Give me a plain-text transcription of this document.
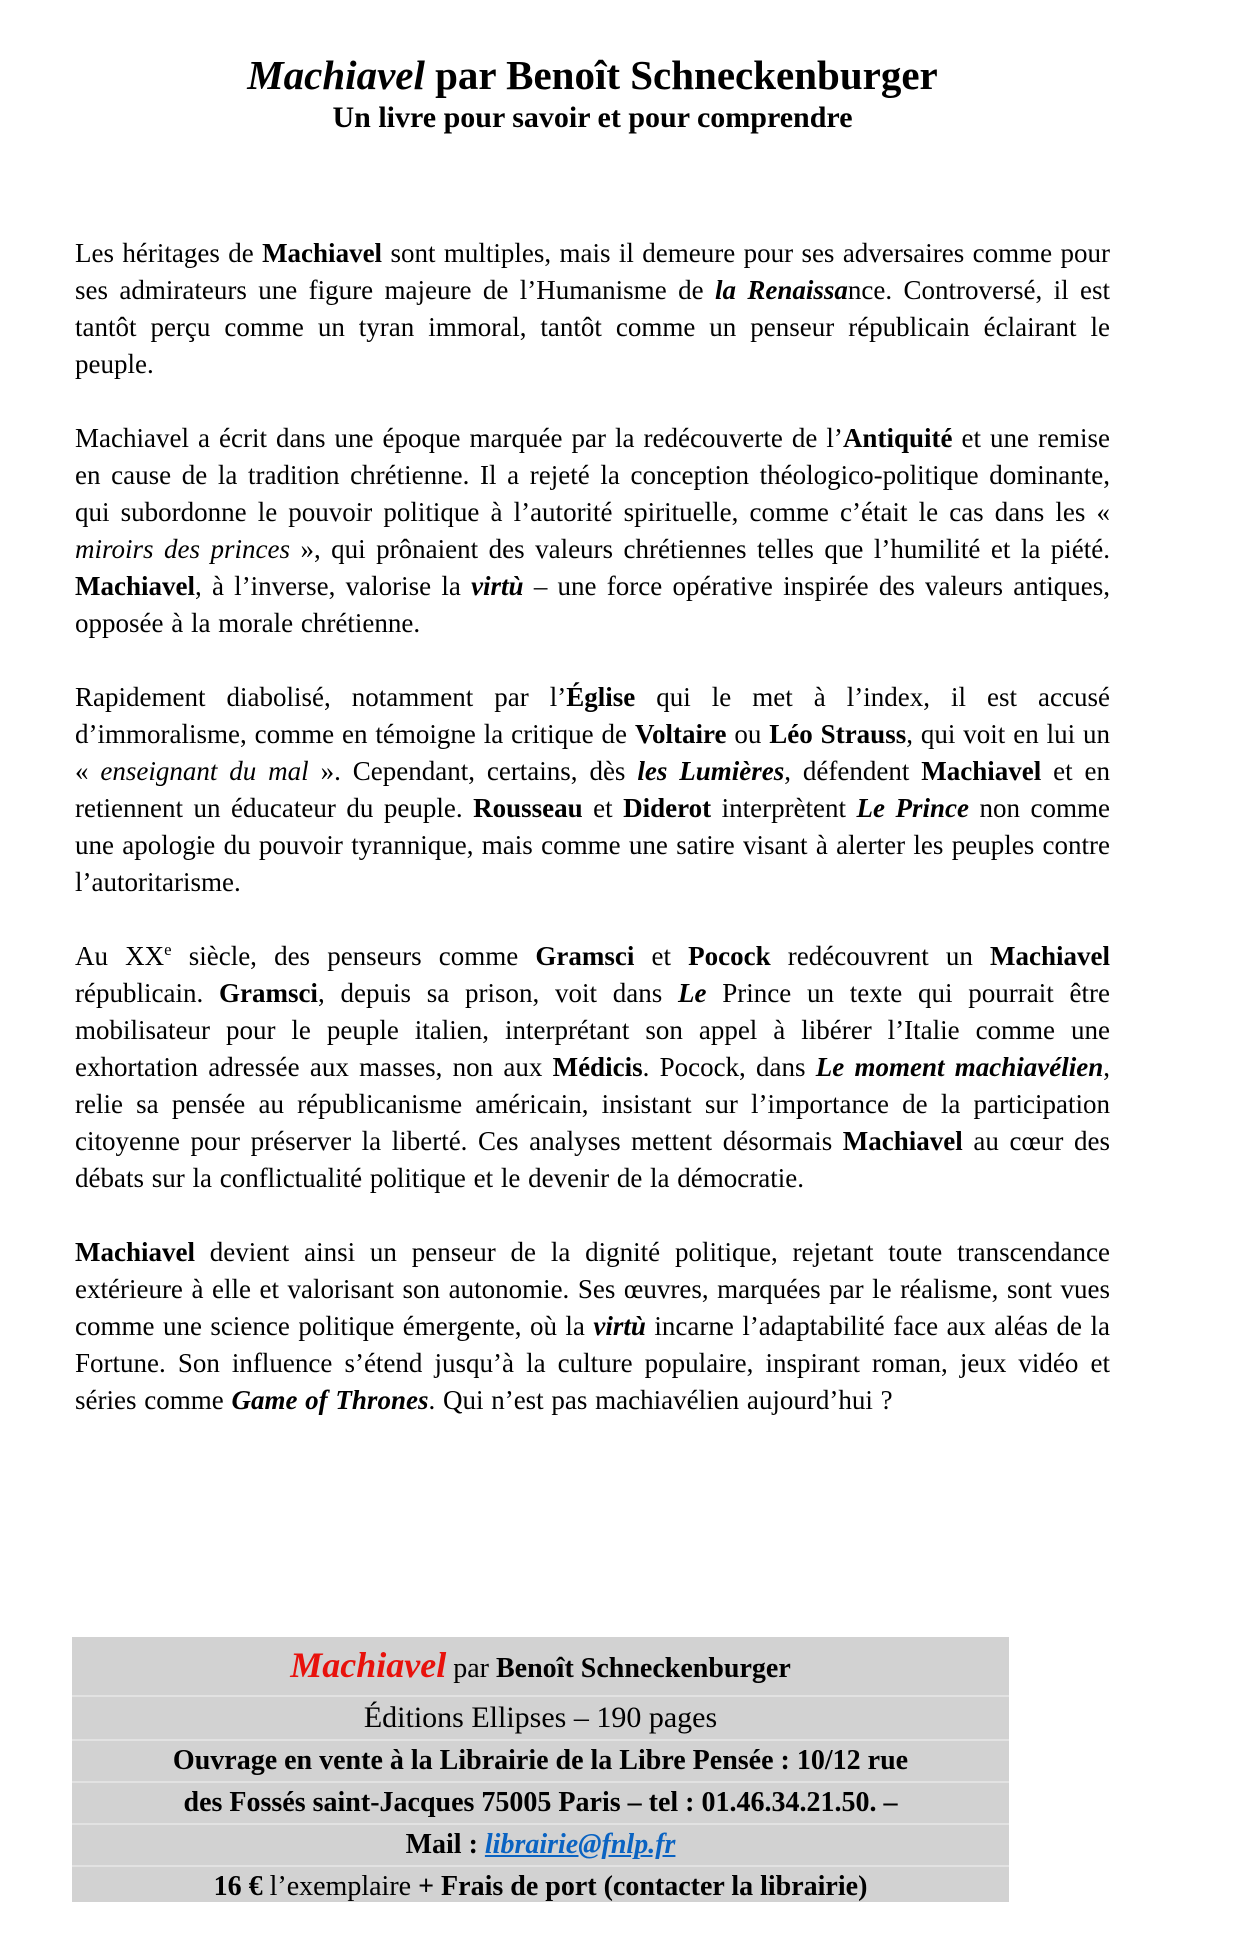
Machiavel par Benoît Schneckenburger
Un livre pour savoir et pour comprendre

Les héritages de Machiavel sont multiples, mais il demeure pour ses adversaires comme pour ses admirateurs une figure majeure de l’Humanisme de la Renaissance. Controversé, il est tantôt perçu comme un tyran immoral, tantôt comme un penseur républicain éclairant le peuple.

Machiavel a écrit dans une époque marquée par la redécouverte de l’Antiquité et une remise en cause de la tradition chrétienne. Il a rejeté la conception théologico-politique dominante, qui subordonne le pouvoir politique à l’autorité spirituelle, comme c’était le cas dans les « miroirs des princes », qui prônaient des valeurs chrétiennes telles que l’humilité et la piété. Machiavel, à l’inverse, valorise la virtù – une force opérative inspirée des valeurs antiques, opposée à la morale chrétienne.

Rapidement diabolisé, notamment par l’Église qui le met à l’index, il est accusé d’immoralisme, comme en témoigne la critique de Voltaire ou Léo Strauss, qui voit en lui un « enseignant du mal ». Cependant, certains, dès les Lumières, défendent Machiavel et en retiennent un éducateur du peuple. Rousseau et Diderot interprètent Le Prince non comme une apologie du pouvoir tyrannique, mais comme une satire visant à alerter les peuples contre l’autoritarisme.

Au XXe siècle, des penseurs comme Gramsci et Pocock redécouvrent un Machiavel républicain. Gramsci, depuis sa prison, voit dans Le Prince un texte qui pourrait être mobilisateur pour le peuple italien, interprétant son appel à libérer l’Italie comme une exhortation adressée aux masses, non aux Médicis. Pocock, dans Le moment machiavélien, relie sa pensée au républicanisme américain, insistant sur l’importance de la participation citoyenne pour préserver la liberté. Ces analyses mettent désormais Machiavel au cœur des débats sur la conflictualité politique et le devenir de la démocratie.

Machiavel devient ainsi un penseur de la dignité politique, rejetant toute transcendance extérieure à elle et valorisant son autonomie. Ses œuvres, marquées par le réalisme, sont vues comme une science politique émergente, où la virtù incarne l’adaptabilité face aux aléas de la Fortune. Son influence s’étend jusqu’à la culture populaire, inspirant roman, jeux vidéo et séries comme Game of Thrones. Qui n’est pas machiavélien aujourd’hui ?

Machiavel par Benoît Schneckenburger
Éditions Ellipses – 190 pages
Ouvrage en vente à la Librairie de la Libre Pensée : 10/12 rue
des Fossés saint-Jacques 75005 Paris – tel : 01.46.34.21.50. –
Mail : librairie@fnlp.fr
16 € l’exemplaire + Frais de port (contacter la librairie)
